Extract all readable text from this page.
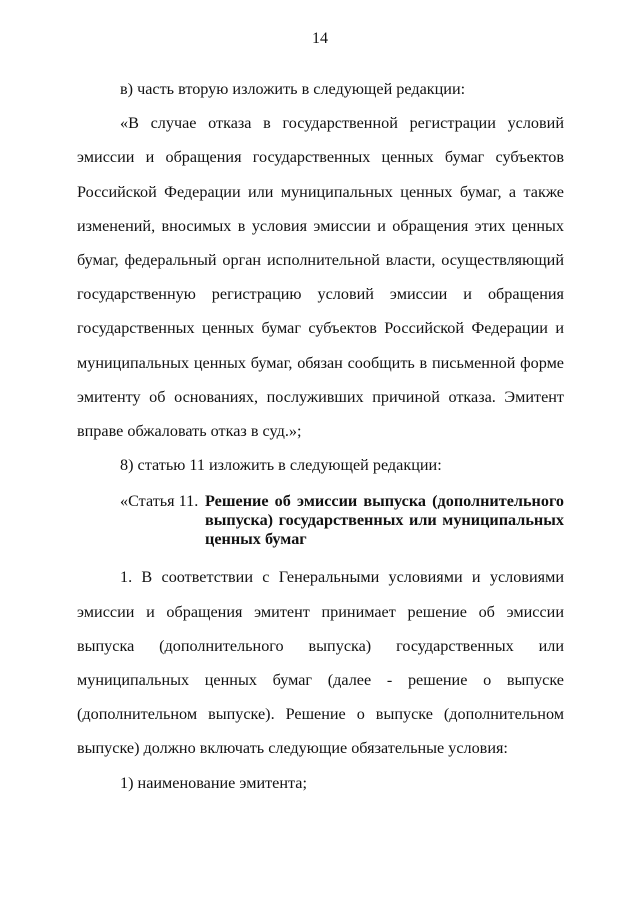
14

в) часть вторую изложить в следующей редакции:

«В случае отказа в государственной регистрации условий эмиссии и обращения государственных ценных бумаг субъектов Российской Федерации или муниципальных ценных бумаг, а также изменений, вносимых в условия эмиссии и обращения этих ценных бумаг, федеральный орган исполнительной власти, осуществляющий государственную регистрацию условий эмиссии и обращения государственных ценных бумаг субъектов Российской Федерации и муниципальных ценных бумаг, обязан сообщить в письменной форме эмитенту об основаниях, послуживших причиной отказа. Эмитент вправе обжаловать отказ в суд.»;

8) статью 11 изложить в следующей редакции:

«Статья 11. Решение об эмиссии выпуска (дополнительного выпуска) государственных или муниципальных ценных бумаг

1. В соответствии с Генеральными условиями и условиями эмиссии и обращения эмитент принимает решение об эмиссии выпуска (дополнительного выпуска) государственных или муниципальных ценных бумаг (далее - решение о выпуске (дополнительном выпуске). Решение о выпуске (дополнительном выпуске) должно включать следующие обязательные условия:

1) наименование эмитента;
